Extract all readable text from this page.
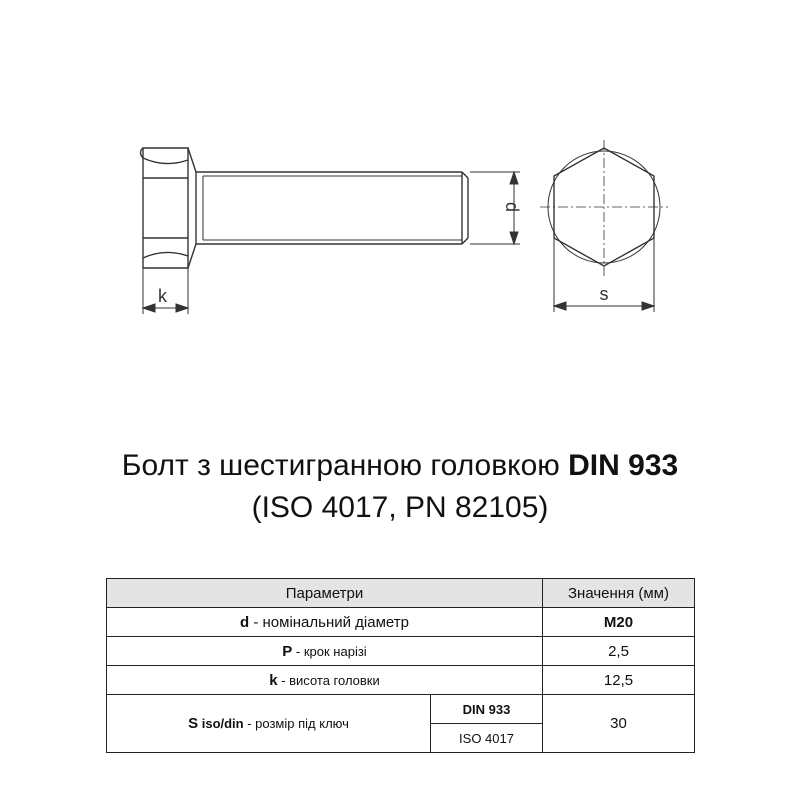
k
d
s
Болт з шестигранною головкою DIN 933
(ISO 4017, PN 82105)
Параметри		Значення (мм)
d - номінальний діаметр		M20
P - крок нарізі		2,5
k - висота головки		12,5
S iso/din - розмір під ключ	DIN 933	30
	ISO 4017	
